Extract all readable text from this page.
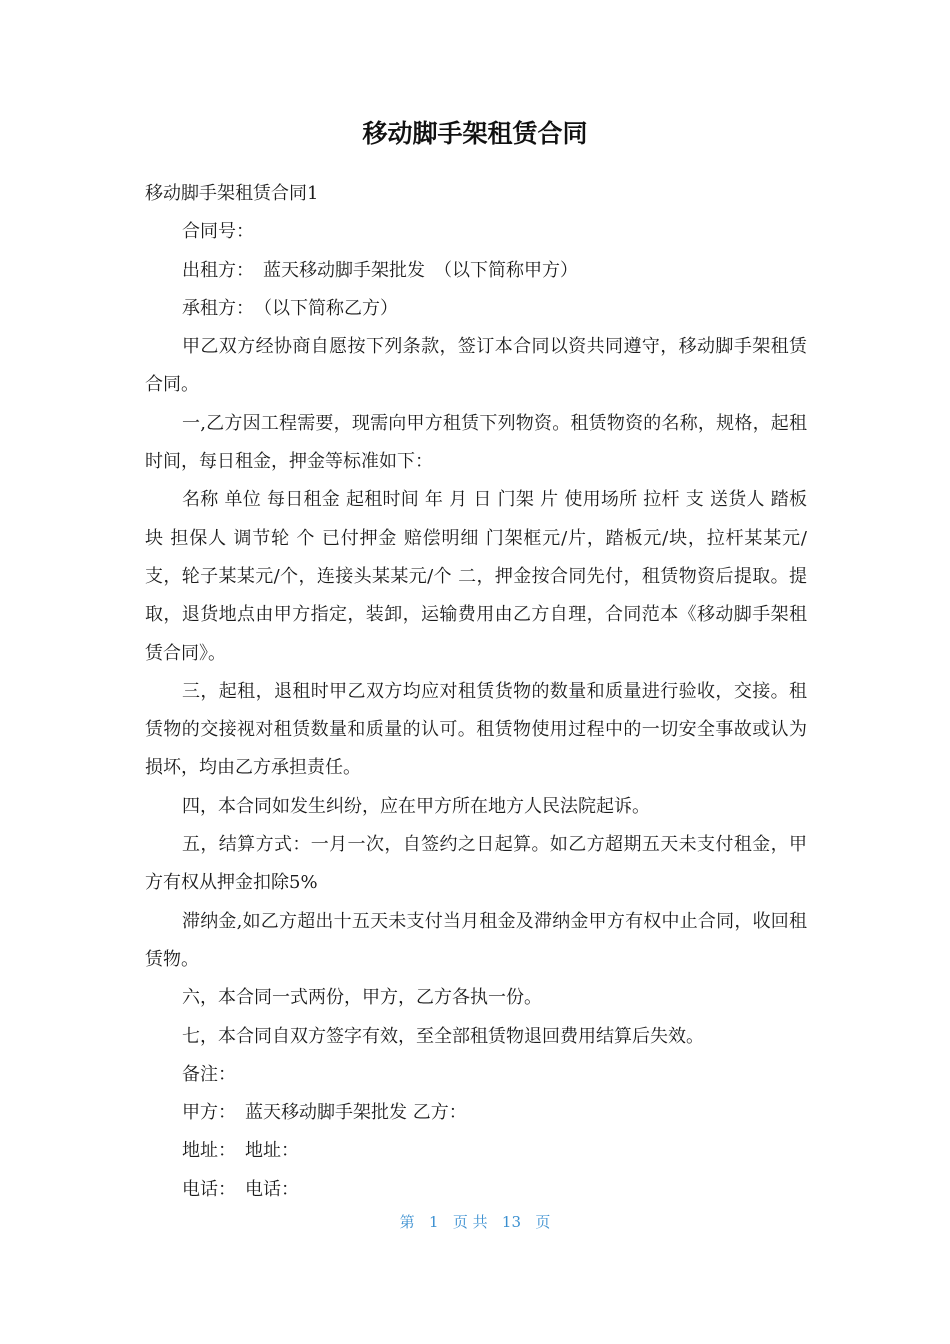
移动脚手架租赁合同

移动脚手架租赁合同1

合同号：

出租方：　蓝天移动脚手架批发　（以下简称甲方）

承租方：　（以下简称乙方）

甲乙双方经协商自愿按下列条款，签订本合同以资共同遵守，移动脚手架租赁合同。

一,乙方因工程需要，现需向甲方租赁下列物资。租赁物资的名称，规格，起租时间，每日租金，押金等标准如下：

名称 单位 每日租金 起租时间 年 月 日 门架 片 使用场所 拉杆 支 送货人 踏板 块 担保人 调节轮 个 已付押金 赔偿明细 门架框元/片，踏板元/块，拉杆某某元/支，轮子某某元/个，连接头某某元/个 二，押金按合同先付，租赁物资后提取。提取，退货地点由甲方指定，装卸，运输费用由乙方自理，合同范本《移动脚手架租赁合同》。

三，起租，退租时甲乙双方均应对租赁货物的数量和质量进行验收，交接。租赁物的交接视对租赁数量和质量的认可。租赁物使用过程中的一切安全事故或认为损坏，均由乙方承担责任。

四，本合同如发生纠纷，应在甲方所在地方人民法院起诉。

五，结算方式：一月一次，自签约之日起算。如乙方超期五天未支付租金，甲方有权从押金扣除5%

滞纳金,如乙方超出十五天未支付当月租金及滞纳金甲方有权中止合同，收回租赁物。

六，本合同一式两份，甲方，乙方各执一份。

七，本合同自双方签字有效，至全部租赁物退回费用结算后失效。

备注：

甲方：　蓝天移动脚手架批发 乙方：

地址：　地址：

电话：　电话：

第 1 页 共 13 页
